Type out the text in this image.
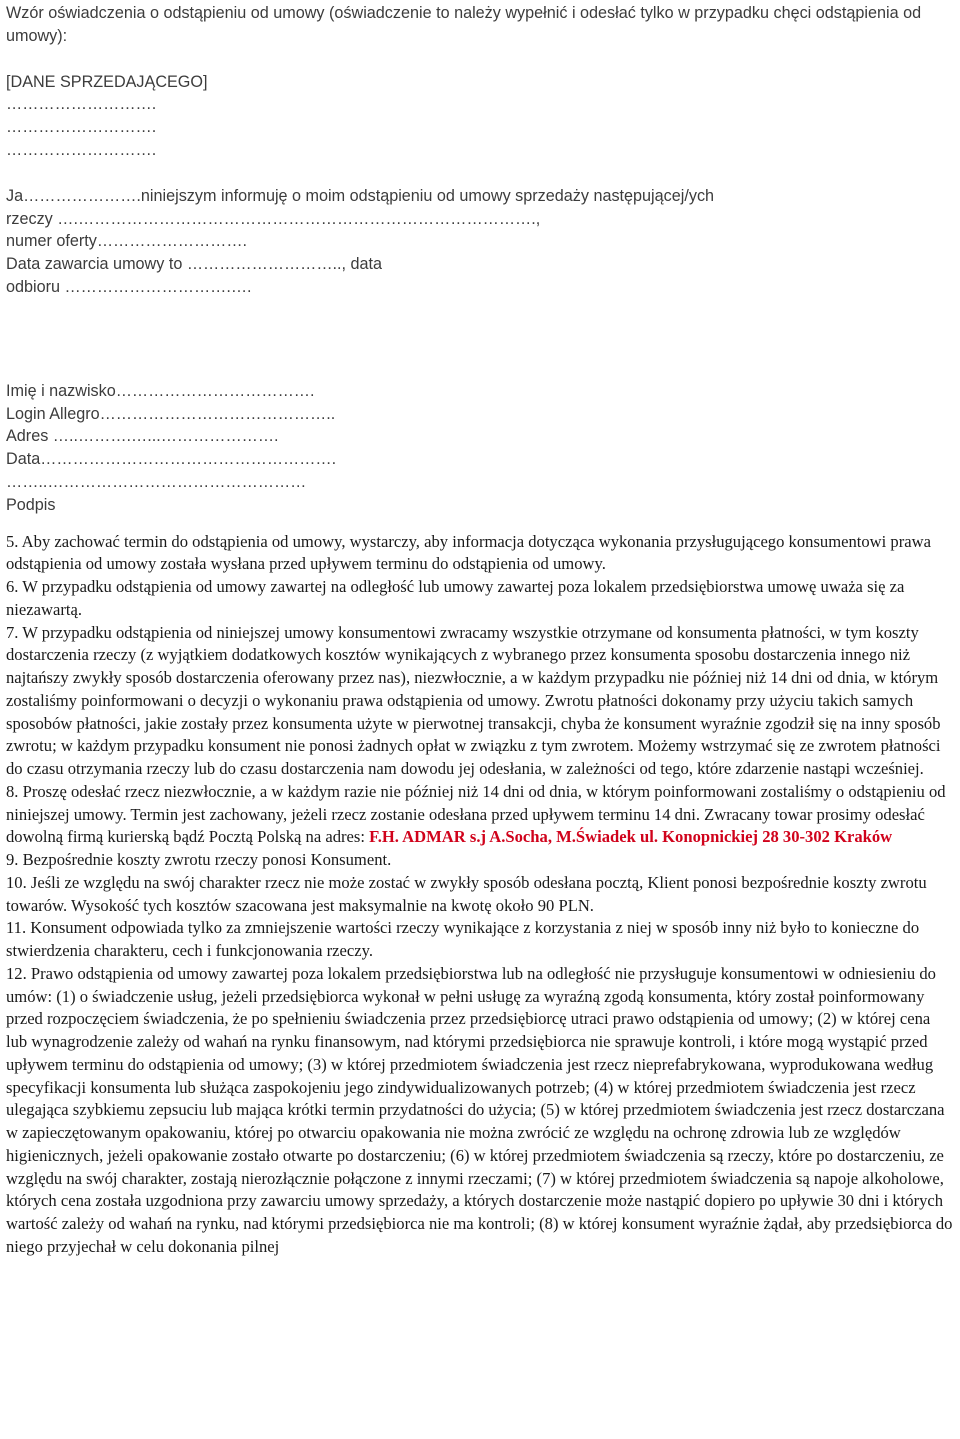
Wzór oświadczenia o odstąpieniu od umowy (oświadczenie to należy wypełnić i odesłać tylko w przypadku chęci odstąpienia od umowy):

[DANE SPRZEDAJĄCEGO]

……………………….

……………………….

……………………….

Ja………………….niniejszym informuję o moim odstąpieniu od umowy sprzedaży następującej/ych

rzeczy ….………………………………………………………………………….,

numer oferty……………………….

Data zawarcia umowy to ……………………….., data

odbioru ………………………….….

Imię i nazwisko……………………………….

Login Allegro……………………………………..

Adres …..……….…...………………….

Data……………………………………………….

……..…………………………………………

Podpis

5. Aby zachować termin do odstąpienia od umowy, wystarczy, aby informacja dotycząca wykonania przysługującego konsumentowi prawa odstąpienia od umowy została wysłana przed upływem terminu do odstąpienia od umowy.

6. W przypadku odstąpienia od umowy zawartej na odległość lub umowy zawartej poza lokalem przedsiębiorstwa umowę uważa się za niezawartą.

7. W przypadku odstąpienia od niniejszej umowy konsumentowi zwracamy wszystkie otrzymane od konsumenta płatności, w tym koszty dostarczenia rzeczy (z wyjątkiem dodatkowych kosztów wynikających z wybranego przez konsumenta sposobu dostarczenia innego niż najtańszy zwykły sposób dostarczenia oferowany przez nas), niezwłocznie, a w każdym przypadku nie później niż 14 dni od dnia, w którym zostaliśmy poinformowani o decyzji o wykonaniu prawa odstąpienia od umowy. Zwrotu płatności dokonamy przy użyciu takich samych sposobów płatności, jakie zostały przez konsumenta użyte w pierwotnej transakcji, chyba że konsument wyraźnie zgodził się na inny sposób zwrotu; w każdym przypadku konsument nie ponosi żadnych opłat w związku z tym zwrotem. Możemy wstrzymać się ze zwrotem płatności do czasu otrzymania rzeczy lub do czasu dostarczenia nam dowodu jej odesłania, w zależności od tego, które zdarzenie nastąpi wcześniej.

8. Proszę odesłać rzecz niezwłocznie, a w każdym razie nie później niż 14 dni od dnia, w którym poinformowani zostaliśmy o odstąpieniu od niniejszej umowy. Termin jest zachowany, jeżeli rzecz zostanie odesłana przed upływem terminu 14 dni. Zwracany towar prosimy odesłać dowolną firmą kurierską bądź Pocztą Polską na adres: F.H. ADMAR s.j A.Socha, M.Świadek ul. Konopnickiej 28 30-302 Kraków

9. Bezpośrednie koszty zwrotu rzeczy ponosi Konsument.

10. Jeśli ze względu na swój charakter rzecz nie może zostać w zwykły sposób odesłana pocztą, Klient ponosi bezpośrednie koszty zwrotu towarów. Wysokość tych kosztów szacowana jest maksymalnie na kwotę około 90 PLN.

11. Konsument odpowiada tylko za zmniejszenie wartości rzeczy wynikające z korzystania z niej w sposób inny niż było to konieczne do stwierdzenia charakteru, cech i funkcjonowania rzeczy.

12. Prawo odstąpienia od umowy zawartej poza lokalem przedsiębiorstwa lub na odległość nie przysługuje konsumentowi w odniesieniu do umów: (1) o świadczenie usług, jeżeli przedsiębiorca wykonał w pełni usługę za wyraźną zgodą konsumenta, który został poinformowany przed rozpoczęciem świadczenia, że po spełnieniu świadczenia przez przedsiębiorcę utraci prawo odstąpienia od umowy; (2) w której cena lub wynagrodzenie zależy od wahań na rynku finansowym, nad którymi przedsiębiorca nie sprawuje kontroli, i które mogą wystąpić przed upływem terminu do odstąpienia od umowy; (3) w której przedmiotem świadczenia jest rzecz nieprefabrykowana, wyprodukowana według specyfikacji konsumenta lub służąca zaspokojeniu jego zindywidualizowanych potrzeb; (4) w której przedmiotem świadczenia jest rzecz ulegająca szybkiemu zepsuciu lub mająca krótki termin przydatności do użycia; (5) w której przedmiotem świadczenia jest rzecz dostarczana w zapieczętowanym opakowaniu, której po otwarciu opakowania nie można zwrócić ze względu na ochronę zdrowia lub ze względów higienicznych, jeżeli opakowanie zostało otwarte po dostarczeniu; (6) w której przedmiotem świadczenia są rzeczy, które po dostarczeniu, ze względu na swój charakter, zostają nierozłącznie połączone z innymi rzeczami; (7) w której przedmiotem świadczenia są napoje alkoholowe, których cena została uzgodniona przy zawarciu umowy sprzedaży, a których dostarczenie może nastąpić dopiero po upływie 30 dni i których wartość zależy od wahań na rynku, nad którymi przedsiębiorca nie ma kontroli; (8) w której konsument wyraźnie żądał, aby przedsiębiorca do niego przyjechał w celu dokonania pilnej
